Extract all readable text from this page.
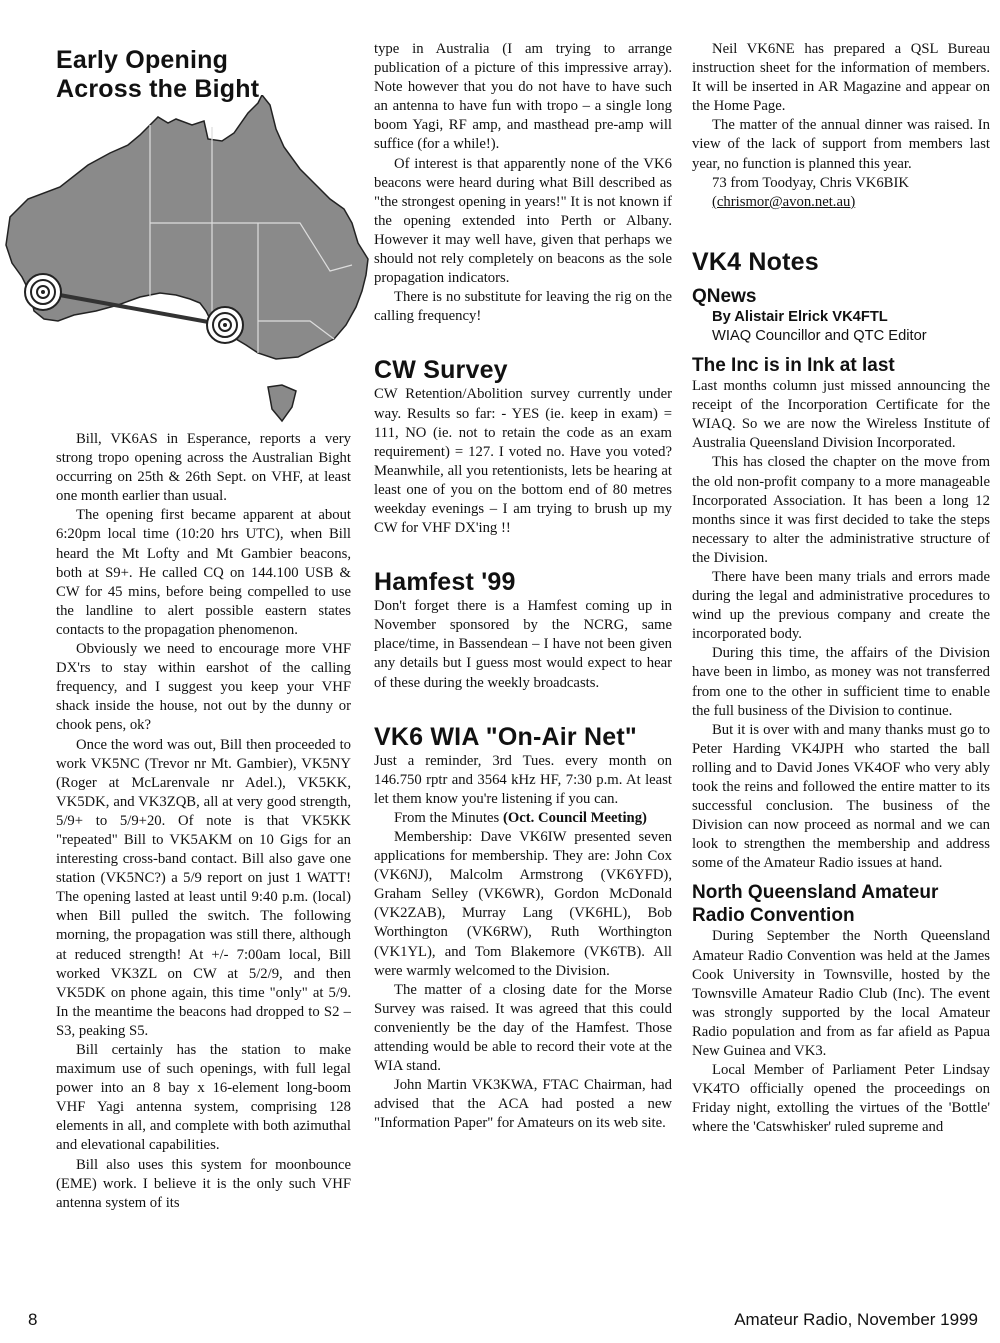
Early Opening
Across the Bight

Bill, VK6AS in Esperance, reports a very strong tropo opening across the Australian Bight occurring on 25th & 26th Sept. on VHF, at least one month earlier than usual.

The opening first became apparent at about 6:20pm local time (10:20 hrs UTC), when Bill heard the Mt Lofty and Mt Gambier beacons, both at S9+. He called CQ on 144.100 USB & CW for 45 mins, before being compelled to use the landline to alert possible eastern states contacts to the propagation phenomenon.

Obviously we need to encourage more VHF DX'rs to stay within earshot of the calling frequency, and I suggest you keep your VHF shack inside the house, not out by the dunny or chook pens, ok?

Once the word was out, Bill then proceeded to work VK5NC (Trevor nr Mt. Gambier), VK5NY (Roger at McLarenvale nr Adel.), VK5KK, VK5DK, and VK3ZQB, all at very good strength, 5/9+ to 5/9+20. Of note is that VK5KK "repeated" Bill to VK5AKM on 10 Gigs for an interesting cross-band contact. Bill also gave one station (VK5NC?) a 5/9 report on just 1 WATT! The opening lasted at least until 9:40 p.m. (local) when Bill pulled the switch. The following morning, the propagation was still there, although at reduced strength! At +/- 7:00am local, Bill worked VK3ZL on CW at 5/2/9, and then VK5DK on phone again, this time "only" at 5/9. In the meantime the beacons had dropped to S2 – S3, peaking S5.

Bill certainly has the station to make maximum use of such openings, with full legal power into an 8 bay x 16-element long-boom VHF Yagi antenna system, comprising 128 elements in all, and complete with both azimuthal and elevational capabilities.

Bill also uses this system for moonbounce (EME) work. I believe it is the only such VHF antenna system of its

type in Australia (I am trying to arrange publication of a picture of this impressive array). Note however that you do not have to have such an antenna to have fun with tropo – a single long boom Yagi, RF amp, and masthead pre-amp will suffice (for a while!).

Of interest is that apparently none of the VK6 beacons were heard during what Bill described as "the strongest opening in years!" It is not known if the opening extended into Perth or Albany. However it may well have, given that perhaps we should not rely completely on beacons as the sole propagation indicators.

There is no substitute for leaving the rig on the calling frequency!

CW Survey

CW Retention/Abolition survey currently under way. Results so far: - YES (ie. keep in exam) = 111, NO (ie. not to retain the code as an exam requirement) = 127. I voted no. Have you voted? Meanwhile, all you retentionists, lets be hearing at least one of you on the bottom end of 80 metres weekday evenings – I am trying to brush up my CW for VHF DX'ing !!

Hamfest '99

Don't forget there is a Hamfest coming up in November sponsored by the NCRG, same place/time, in Bassendean – I have not been given any details but I guess most would expect to hear of these during the weekly broadcasts.

VK6 WIA "On-Air Net"

Just a reminder, 3rd Tues. every month on 146.750 rptr and 3564 kHz HF, 7:30 p.m. At least let them know you're listening if you can.

From the Minutes (Oct. Council Meeting)

Membership: Dave VK6IW presented seven applications for membership. They are: John Cox (VK6NJ), Malcolm Armstrong (VK6YFD), Graham Selley (VK6WR), Gordon McDonald (VK2ZAB), Murray Lang (VK6HL), Bob Worthington (VK6RW), Ruth Worthington (VK1YL), and Tom Blakemore (VK6TB). All were warmly welcomed to the Division.

The matter of a closing date for the Morse Survey was raised. It was agreed that this could conveniently be the day of the Hamfest. Those attending would be able to record their vote at the WIA stand.

John Martin VK3KWA, FTAC Chairman, had advised that the ACA had posted a new "Information Paper" for Amateurs on its web site.

Neil VK6NE has prepared a QSL Bureau instruction sheet for the information of members. It will be inserted in AR Magazine and appear on the Home Page.

The matter of the annual dinner was raised. In view of the lack of support from members last year, no function is planned this year.

73 from Toodyay, Chris VK6BIK

(chrismor@avon.net.au)

VK4 Notes
QNews

By Alistair Elrick VK4FTL

WIAQ Councillor and QTC Editor

The Inc is in Ink at last

Last months column just missed announcing the receipt of the Incorporation Certificate for the WIAQ. So we are now the Wireless Institute of Australia Queensland Division Incorporated.

This has closed the chapter on the move from the old non-profit company to a more manageable Incorporated Association. It has been a long 12 months since it was first decided to take the steps necessary to alter the administrative structure of the Division.

There have been many trials and errors made during the legal and administrative procedures to wind up the previous company and create the incorporated body.

During this time, the affairs of the Division have been in limbo, as money was not transferred from one to the other in sufficient time to enable the full business of the Division to continue.

But it is over with and many thanks must go to Peter Harding VK4JPH who started the ball rolling and to David Jones VK4OF who very ably took the reins and followed the entire matter to its successful conclusion. The business of the Division can now proceed as normal and we can look to strengthen the membership and address some of the Amateur Radio issues at hand.

North Queensland Amateur
Radio Convention

During September the North Queensland Amateur Radio Convention was held at the James Cook University in Townsville, hosted by the Townsville Amateur Radio Club (Inc). The event was strongly supported by the local Amateur Radio population and from as far afield as Papua New Guinea and VK3.

Local Member of Parliament Peter Lindsay VK4TO officially opened the proceedings on Friday night, extolling the virtues of the 'Bottle' where the 'Catswhisker' ruled supreme and

8	Amateur Radio, November 1999
